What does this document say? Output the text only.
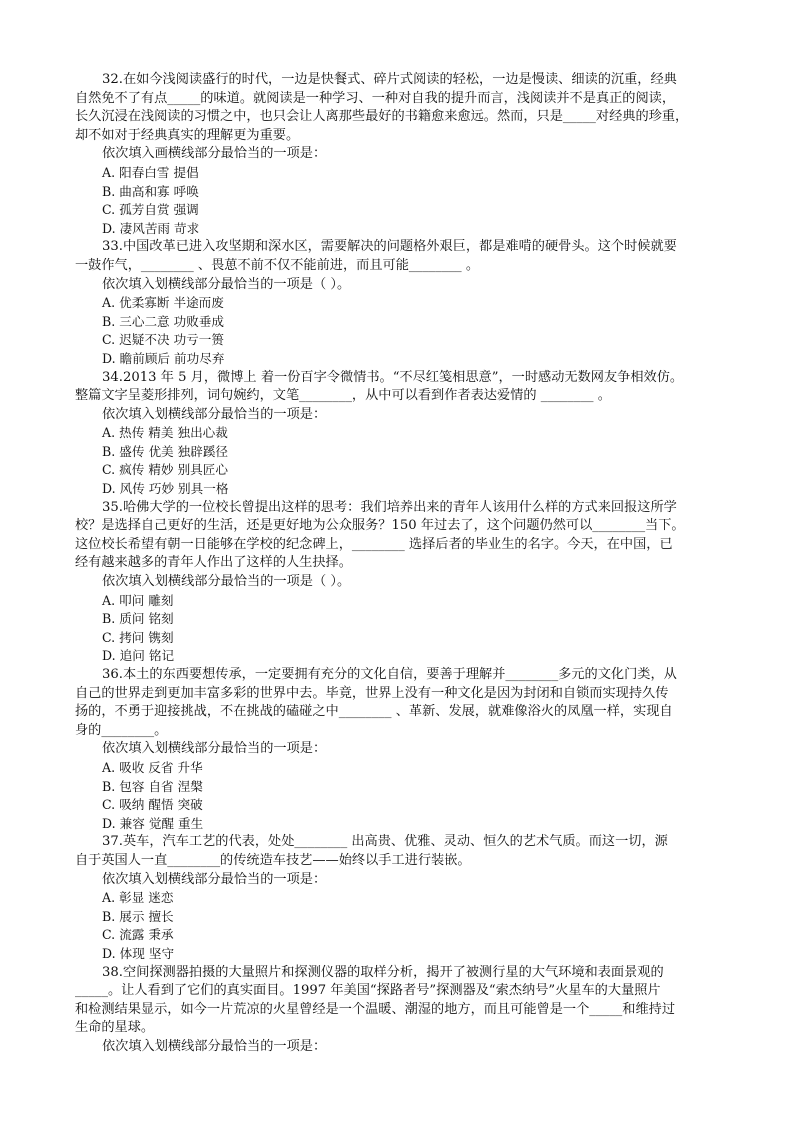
32.在如今浅阅读盛行的时代，一边是快餐式、碎片式阅读的轻松，一边是慢读、细读的沉重，经典
自然免不了有点_____的味道。就阅读是一种学习、一种对自我的提升而言，浅阅读并不是真正的阅读，
长久沉浸在浅阅读的习惯之中，也只会让人离那些最好的书籍愈来愈远。然而，只是_____对经典的珍重，
却不如对于经典真实的理解更为重要。
依次填入画横线部分最恰当的一项是：
A. 阳春白雪 提倡
B. 曲高和寡 呼唤
C. 孤芳自赏 强调
D. 凄风苦雨 苛求
33.中国改革已进入攻坚期和深水区，需要解决的问题格外艰巨，都是难啃的硬骨头。这个时候就要
一鼓作气，________ 、畏葸不前不仅不能前进，而且可能________ 。
依次填入划横线部分最恰当的一项是（ ）。
A. 优柔寡断 半途而废
B. 三心二意 功败垂成
C. 迟疑不决 功亏一篑
D. 瞻前顾后 前功尽弃
34.2013 年 5 月，微博上 着一份百字令微情书。“不尽红笺相思意”，一时感动无数网友争相效仿。
整篇文字呈菱形排列，词句婉约，文笔________，从中可以看到作者表达爱情的 ________ 。
依次填入划横线部分最恰当的一项是：
A. 热传 精美 独出心裁
B. 盛传 优美 独辟蹊径
C. 疯传 精妙 别具匠心
D. 风传 巧妙 别具一格
35.哈佛大学的一位校长曾提出这样的思考：我们培养出来的青年人该用什么样的方式来回报这所学
校？是选择自己更好的生活，还是更好地为公众服务？150 年过去了，这个问题仍然可以________当下。
这位校长希望有朝一日能够在学校的纪念碑上，________ 选择后者的毕业生的名字。今天，在中国，已
经有越来越多的青年人作出了这样的人生抉择。
依次填入划横线部分最恰当的一项是（ ）。
A. 叩问 雕刻
B. 质问 铭刻
C. 拷问 镌刻
D. 追问 铭记
36.本土的东西要想传承，一定要拥有充分的文化自信，要善于理解并________多元的文化门类，从
自己的世界走到更加丰富多彩的世界中去。毕竟，世界上没有一种文化是因为封闭和自锁而实现持久传
扬的，不勇于迎接挑战，不在挑战的磕碰之中________ 、革新、发展，就难像浴火的凤凰一样，实现自
身的________。
依次填入划横线部分最恰当的一项是：
A. 吸收 反省 升华
B. 包容 自省 涅槃
C. 吸纳 醒悟 突破
D. 兼容 觉醒 重生
37.英车，汽车工艺的代表，处处________ 出高贵、优雅、灵动、恒久的艺术气质。而这一切，源
自于英国人一直________的传统造车技艺——始终以手工进行装嵌。
依次填入划横线部分最恰当的一项是：
A. 彰显 迷恋
B. 展示 擅长
C. 流露 秉承
D. 体现 坚守
38.空间探测器拍摄的大量照片和探测仪器的取样分析，揭开了被测行星的大气环境和表面景观的
_____。让人看到了它们的真实面目。1997 年美国“探路者号”探测器及“索杰纳号”火星车的大量照片
和检测结果显示，如今一片荒凉的火星曾经是一个温暖、潮湿的地方，而且可能曾是一个_____和维持过
生命的星球。
依次填入划横线部分最恰当的一项是：
